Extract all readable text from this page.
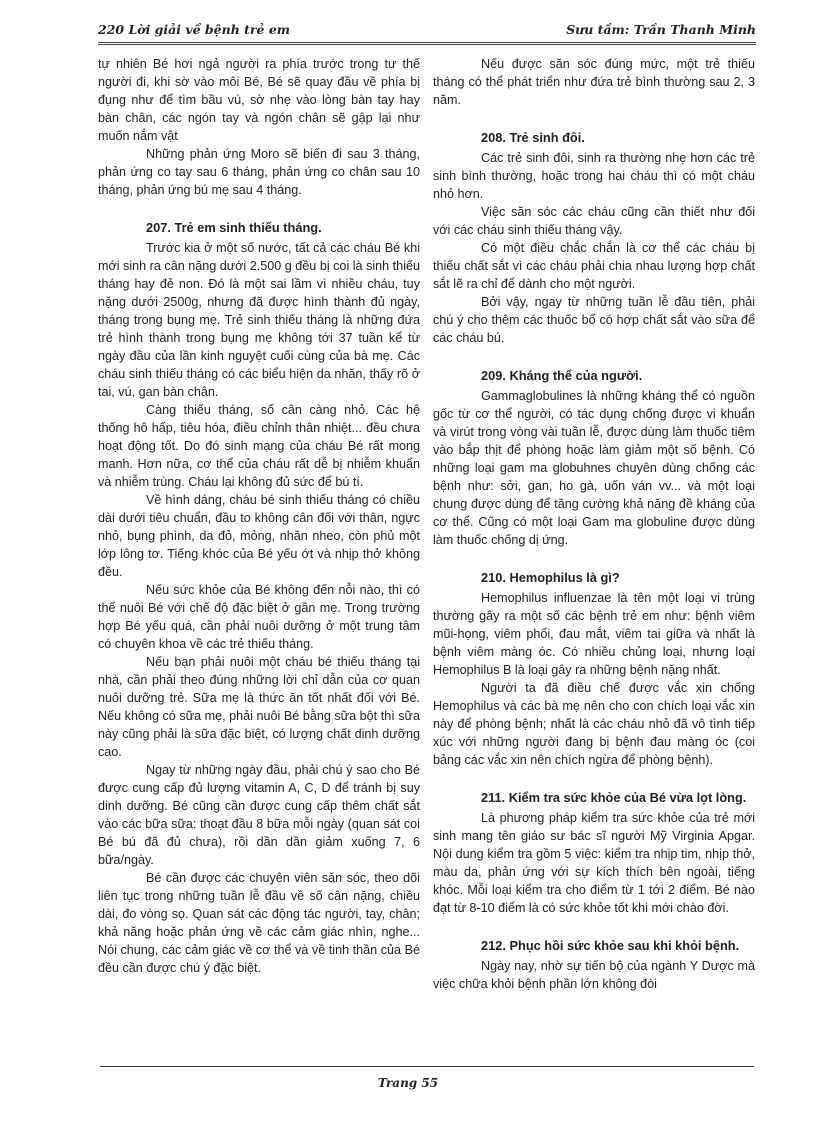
220 Lời giải về bệnh trẻ em	Sưu tầm: Trần Thanh Minh

tự nhiên Bé hơi ngả người ra phía trước trong tư thế người đi, khi sờ vào môi Bé, Bé sẽ quay đầu về phía bị đụng như để tìm bầu vú, sờ nhẹ vào lòng bàn tay hay bàn chân, các ngón tay và ngón chân sẽ gập lại như muốn nắm vật

Những phản ứng Moro sẽ biến đi sau 3 tháng, phản ứng co tay sau 6 tháng, phản ứng co chân sau 10 tháng, phản ứng bú mẹ sau 4 tháng.

207. Trẻ em sinh thiếu tháng.

Trước kia ở một số nước, tất cả các cháu Bé khi mới sinh ra cân nặng dưới 2.500 g đều bị coi là sinh thiếu tháng hay đẻ non. Đó là một sai lầm vì nhiều cháu, tuy nặng dưới 2500g, nhưng đã được hình thành đủ ngày, tháng trong bụng mẹ. Trẻ sinh thiếu tháng là những đứa trẻ hình thành trong bụng mẹ không tới 37 tuần kể từ ngày đầu của lần kinh nguyệt cuối cùng của bà mẹ. Các cháu sinh thiếu tháng có các biểu hiện da nhăn, thấy rõ ở tai, vú, gan bàn chân.

Càng thiếu tháng, số cân càng nhỏ. Các hệ thống hô hấp, tiêu hóa, điều chỉnh thân nhiệt... đều chưa hoạt động tốt. Do đó sinh mạng của cháu Bé rất mong manh. Hơn nữa, cơ thể của cháu rất dễ bị nhiễm khuẩn và nhiễm trùng. Cháu lại không đủ sức để bú tí.

Về hình dáng, cháu bé sinh thiếu tháng có chiều dài dưới tiêu chuẩn, đầu to không cân đối với thân, ngực nhỏ, bụng phình, da đỏ, mỏng, nhăn nheo, còn phủ một lớp lông tơ. Tiếng khóc của Bé yếu ớt và nhịp thở không đều.

Nếu sức khỏe của Bé không đến nỗi nào, thì có thể nuôi Bé với chế độ đặc biệt ở gần mẹ. Trong trường hợp Bé yếu quá, cần phải nuôi dưỡng ở một trung tâm có chuyên khoa về các trẻ thiếu tháng.

Nếu bạn phải nuôi một cháu bé thiếu tháng tại nhà, cần phải theo đúng những lời chỉ dẫn của cơ quan nuôi dưỡng trẻ. Sữa mẹ là thức ăn tốt nhất đối với Bé. Nếu không có sữa mẹ, phải nuôi Bé bằng sữa bột thì sữa này cũng phải là sữa đặc biệt, có lượng chất dinh dưỡng cao.

Ngay từ những ngày đầu, phải chú ý sao cho Bé được cung cấp đủ lượng vitamin A, C, D để tránh bị suy dinh dưỡng. Bé cũng cần được cung cấp thêm chất sắt vào các bữa sữa: thoạt đầu 8 bữa mỗi ngày (quan sát coi Bé bú đã đủ chưa), rồi dần dần giảm xuống 7, 6 bữa/ngày.

Bé cần được các chuyên viên săn sóc, theo dõi liên tục trong những tuần lễ đầu về số cân nặng, chiều dài, đo vòng sọ. Quan sát các động tác người, tay, chân; khả năng hoặc phản ứng về các cảm giác nhìn, nghe... Nói chung, các cảm giác về cơ thể và về tinh thần của Bé đều cần được chú ý đặc biệt.

Nếu được săn sóc đúng mức, một trẻ thiếu tháng có thể phát triển như đứa trẻ bình thường sau 2, 3 năm.

208. Trẻ sinh đôi.

Các trẻ sinh đôi, sinh ra thường nhẹ hơn các trẻ sinh bình thường, hoặc trong hai cháu thì có một cháu nhỏ hơn.

Việc săn sóc các cháu cũng cần thiết như đối với các cháu sinh thiếu tháng vậy.

Có một điều chắc chắn là cơ thể các cháu bị thiếu chất sắt vì các cháu phải chia nhau lượng hợp chất sắt lẽ ra chỉ để dành cho một người.

Bởi vậy, ngay từ những tuần lễ đầu tiên, phải chú ý cho thêm các thuốc bổ có hợp chất sắt vào sữa để các cháu bú.

209. Kháng thể của người.

Gammaglobulines là những kháng thể có nguồn gốc từ cơ thể người, có tác dụng chống được vi khuẩn và virút trong vòng vài tuần lễ, được dùng làm thuốc tiêm vào bắp thịt để phòng hoặc làm giảm một số bệnh. Có những loại gam ma globuhnes chuyên dùng chống các bệnh như: sởi, gan, ho gà, uốn ván vv... và một loại chung được dùng để tăng cường khả năng đề kháng của cơ thể. Cũng có một loại Gam ma globuline được dùng làm thuốc chống dị ứng.

210. Hemophilus là gì?

Hemophilus influenzae là tên một loại vi trùng thường gây ra một số các bệnh trẻ em như: bệnh viêm mũi-họng, viêm phổi, đau mắt, viêm tai giữa và nhất là bệnh viêm màng óc. Có nhiều chủng loại, nhưng loại Hemophilus B là loại gây ra những bệnh nặng nhất.

Người ta đã điều chế được vắc xin chống Hemophilus và các bà mẹ nên cho con chích loại vắc xin này để phòng bệnh; nhất là các cháu nhỏ đã vô tình tiếp xúc với những người đang bị bệnh đau màng óc (coi bảng các vắc xin nên chích ngừa để phòng bệnh).

211. Kiểm tra sức khỏe của Bé vừa lọt lòng.

Là phương pháp kiểm tra sức khỏe của trẻ mới sinh mang tên giáo sư bác sĩ người Mỹ Virginia Apgar. Nội dung kiểm tra gồm 5 việc: kiểm tra nhịp tim, nhịp thở, màu da, phản ứng với sự kích thích bên ngoài, tiếng khóc. Mỗi loại kiểm tra cho điểm từ 1 tới 2 điểm. Bé nào đạt từ 8-10 điểm là có sức khỏe tốt khi mới chào đời.

212. Phục hồi sức khỏe sau khi khỏi bệnh.

Ngày nay, nhờ sự tiến bộ của ngành Y Dược mà việc chữa khỏi bệnh phần lớn không đòi

Trang 55
